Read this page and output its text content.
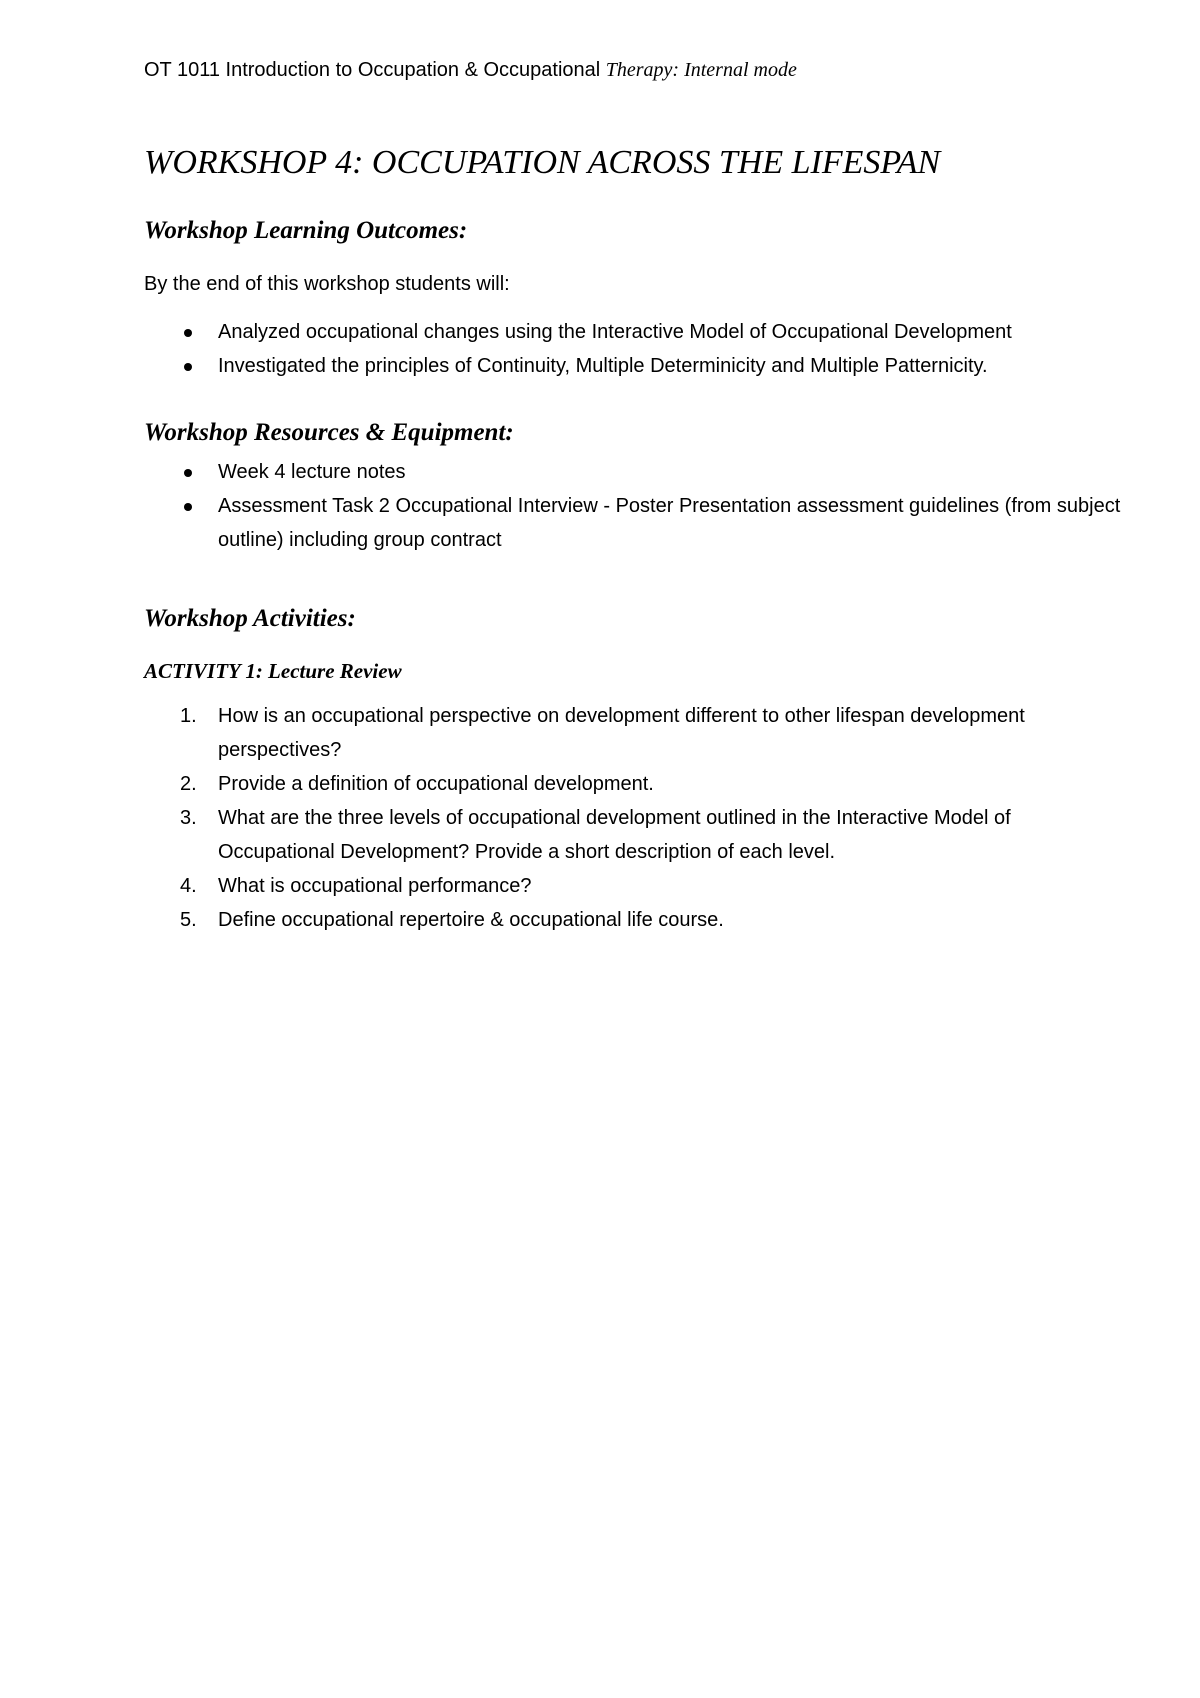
OT 1011 Introduction to Occupation & Occupational Therapy: Internal mode

WORKSHOP 4: OCCUPATION ACROSS THE LIFESPAN
Workshop Learning Outcomes:

By the end of this workshop students will:

Analyzed occupational changes using the Interactive Model of Occupational Development
Investigated the principles of Continuity, Multiple Determinicity and Multiple Patternicity.
Workshop Resources & Equipment:
Week 4 lecture notes
Assessment Task 2 Occupational Interview - Poster Presentation assessment guidelines (from subject outline) including group contract
Workshop Activities:
ACTIVITY 1: Lecture Review
1.	How is an occupational perspective on development different to other lifespan development perspectives?
2.	Provide a definition of occupational development.
3.	What are the three levels of occupational development outlined in the Interactive Model of Occupational Development? Provide a short description of each level.
4.	What is occupational performance?
5.	Define occupational repertoire & occupational life course.
